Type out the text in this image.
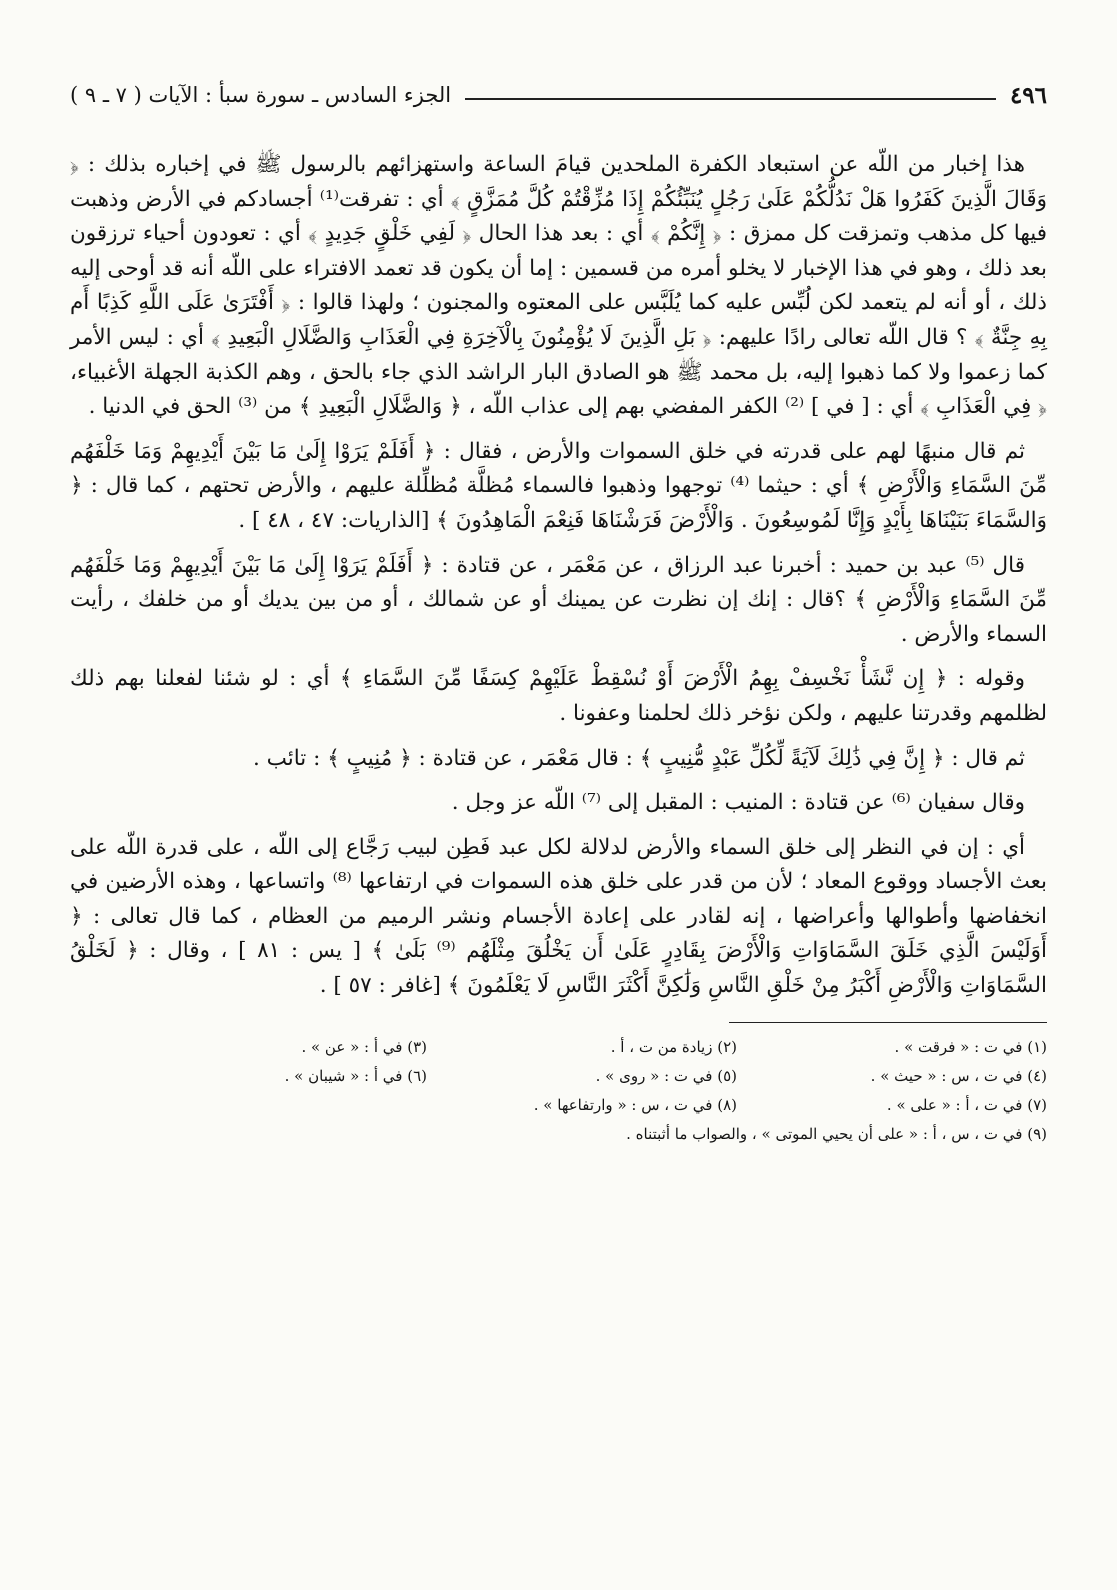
٤٩٦
الجزء السادس ـ سورة سبأ : الآيات ( ٧ ـ ٩ )

هذا إخبار من اللّه عن استبعاد الكفرة الملحدين قيامَ الساعة واستهزائهم بالرسول ﷺ في إخباره بذلك : ﴿ وَقَالَ الَّذِينَ كَفَرُوا هَلْ نَدُلُّكُمْ عَلَىٰ رَجُلٍ يُنَبِّئُكُمْ إِذَا مُزِّقْتُمْ كُلَّ مُمَزَّقٍ ﴾ أي : تفرقت⁽¹⁾ أجسادكم في الأرض وذهبت فيها كل مذهب وتمزقت كل ممزق : ﴿ إِنَّكُمْ ﴾ أي : بعد هذا الحال ﴿ لَفِي خَلْقٍ جَدِيدٍ ﴾ أي : تعودون أحياء ترزقون بعد ذلك ، وهو في هذا الإخبار لا يخلو أمره من قسمين : إما أن يكون قد تعمد الافتراء على اللّه أنه قد أوحى إليه ذلك ، أو أنه لم يتعمد لكن لُبِّس عليه كما يُلَبَّس على المعتوه والمجنون ؛ ولهذا قالوا : ﴿ أَفْتَرَىٰ عَلَى اللَّهِ كَذِبًا أَم بِهِ جِنَّةٌ ﴾ ؟ قال اللّه تعالى رادًا عليهم: ﴿ بَلِ الَّذِينَ لَا يُؤْمِنُونَ بِالْآخِرَةِ فِي الْعَذَابِ وَالضَّلَالِ الْبَعِيدِ ﴾ أي : ليس الأمر كما زعموا ولا كما ذهبوا إليه، بل محمد ﷺ هو الصادق البار الراشد الذي جاء بالحق ، وهم الكذبة الجهلة الأغبياء، ﴿ فِي الْعَذَابِ ﴾ أي : [ في ] ⁽²⁾ الكفر المفضي بهم إلى عذاب اللّه ، ﴿ وَالضَّلَالِ الْبَعِيدِ ﴾ من ⁽³⁾ الحق في الدنيا .

ثم قال منبهًا لهم على قدرته في خلق السموات والأرض ، فقال : ﴿ أَفَلَمْ يَرَوْا إِلَىٰ مَا بَيْنَ أَيْدِيهِمْ وَمَا خَلْفَهُم مِّنَ السَّمَاءِ وَالْأَرْضِ ﴾ أي : حيثما ⁽⁴⁾ توجهوا وذهبوا فالسماء مُظلَّة مُظلِّلة عليهم ، والأرض تحتهم ، كما قال : ﴿ وَالسَّمَاءَ بَنَيْنَاهَا بِأَيْدٍ وَإِنَّا لَمُوسِعُونَ . وَالْأَرْضَ فَرَشْنَاهَا فَنِعْمَ الْمَاهِدُونَ ﴾ [الذاريات: ٤٧ ، ٤٨ ] .

قال ⁽⁵⁾ عبد بن حميد : أخبرنا عبد الرزاق ، عن مَعْمَر ، عن قتادة : ﴿ أَفَلَمْ يَرَوْا إِلَىٰ مَا بَيْنَ أَيْدِيهِمْ وَمَا خَلْفَهُم مِّنَ السَّمَاءِ وَالْأَرْضِ ﴾ ؟قال : إنك إن نظرت عن يمينك أو عن شمالك ، أو من بين يديك أو من خلفك ، رأيت السماء والأرض .

وقوله : ﴿ إِن نَّشَأْ نَخْسِفْ بِهِمُ الْأَرْضَ أَوْ نُسْقِطْ عَلَيْهِمْ كِسَفًا مِّنَ السَّمَاءِ ﴾ أي : لو شئنا لفعلنا بهم ذلك لظلمهم وقدرتنا عليهم ، ولكن نؤخر ذلك لحلمنا وعفونا .

ثم قال : ﴿ إِنَّ فِي ذَٰلِكَ لَآيَةً لِّكُلِّ عَبْدٍ مُّنِيبٍ ﴾ : قال مَعْمَر ، عن قتادة : ﴿ مُنِيبٍ ﴾ : تائب .

وقال سفيان ⁽⁶⁾ عن قتادة : المنيب : المقبل إلى ⁽⁷⁾ اللّه عز وجل .

أي : إن في النظر إلى خلق السماء والأرض لدلالة لكل عبد فَطِن لبيب رَجَّاع إلى اللّه ، على قدرة اللّه على بعث الأجساد ووقوع المعاد ؛ لأن من قدر على خلق هذه السموات في ارتفاعها ⁽⁸⁾ واتساعها ، وهذه الأرضين في انخفاضها وأطوالها وأعراضها ، إنه لقادر على إعادة الأجسام ونشر الرميم من العظام ، كما قال تعالى : ﴿ أَوَلَيْسَ الَّذِي خَلَقَ السَّمَاوَاتِ وَالْأَرْضَ بِقَادِرٍ عَلَىٰ أَن يَخْلُقَ مِثْلَهُم ⁽⁹⁾ بَلَىٰ ﴾ [ يس : ٨١ ] ، وقال : ﴿ لَخَلْقُ السَّمَاوَاتِ وَالْأَرْضِ أَكْبَرُ مِنْ خَلْقِ النَّاسِ وَلَٰكِنَّ أَكْثَرَ النَّاسِ لَا يَعْلَمُونَ ﴾ [غافر : ٥٧ ] .

(١) في ت : « فرقت » .
(٢) زيادة من ت ، أ .
(٣) في أ : « عن » .
(٤) في ت ، س : « حيث » .
(٥) في ت : « روى » .
(٦) في أ : « شيبان » .
(٧) في ت ، أ : « على » .
(٨) في ت ، س : « وارتفاعها » .
(٩) في ت ، س ، أ : « على أن يحيي الموتى » ، والصواب ما أثبتناه .
